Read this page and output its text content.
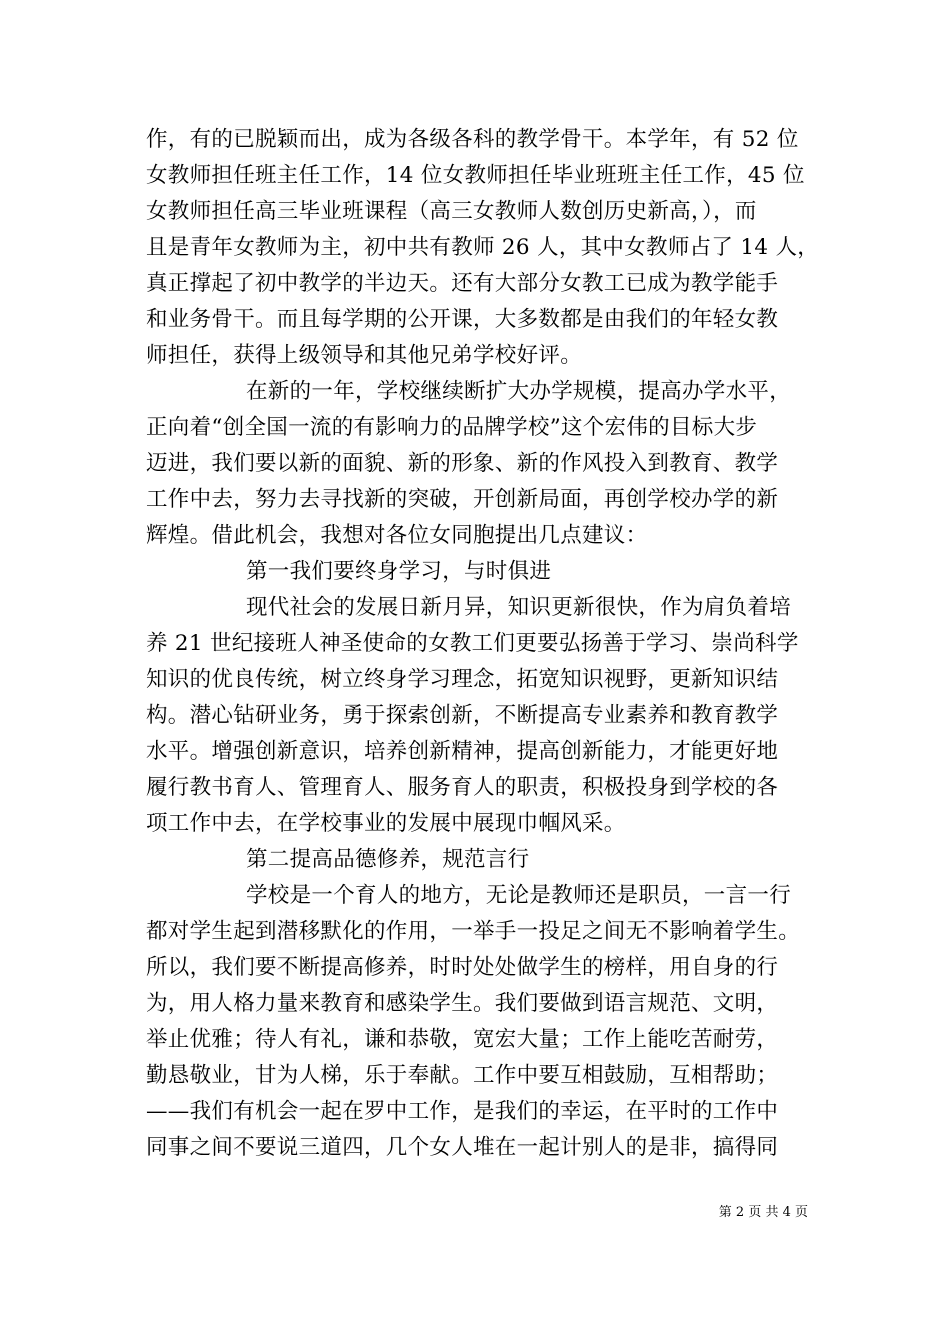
作，有的已脱颖而出，成为各级各科的教学骨干。本学年，有 52 位
女教师担任班主任工作，14 位女教师担任毕业班班主任工作，45 位
女教师担任高三毕业班课程（高三女教师人数创历史新高，），而
且是青年女教师为主，初中共有教师 26 人，其中女教师占了 14 人，
真正撑起了初中教学的半边天。还有大部分女教工已成为教学能手
和业务骨干。而且每学期的公开课，大多数都是由我们的年轻女教
师担任，获得上级领导和其他兄弟学校好评。
在新的一年，学校继续断扩大办学规模，提高办学水平，
正向着“创全国一流的有影响力的品牌学校”这个宏伟的目标大步
迈进，我们要以新的面貌、新的形象、新的作风投入到教育、教学
工作中去，努力去寻找新的突破，开创新局面，再创学校办学的新
辉煌。借此机会，我想对各位女同胞提出几点建议：
第一我们要终身学习，与时俱进
现代社会的发展日新月异，知识更新很快，作为肩负着培
养 21 世纪接班人神圣使命的女教工们更要弘扬善于学习、崇尚科学
知识的优良传统，树立终身学习理念，拓宽知识视野，更新知识结
构。潜心钻研业务，勇于探索创新，不断提高专业素养和教育教学
水平。增强创新意识，培养创新精神，提高创新能力，才能更好地
履行教书育人、管理育人、服务育人的职责，积极投身到学校的各
项工作中去，在学校事业的发展中展现巾帼风采。
第二提高品德修养，规范言行
学校是一个育人的地方，无论是教师还是职员，一言一行
都对学生起到潜移默化的作用，一举手一投足之间无不影响着学生。
所以，我们要不断提高修养，时时处处做学生的榜样，用自身的行
为，用人格力量来教育和感染学生。我们要做到语言规范、文明，
举止优雅；待人有礼，谦和恭敬，宽宏大量；工作上能吃苦耐劳，
勤恳敬业，甘为人梯，乐于奉献。工作中要互相鼓励，互相帮助；
——我们有机会一起在罗中工作，是我们的幸运，在平时的工作中
同事之间不要说三道四，几个女人堆在一起计别人的是非，搞得同
第 2 页 共 4 页
